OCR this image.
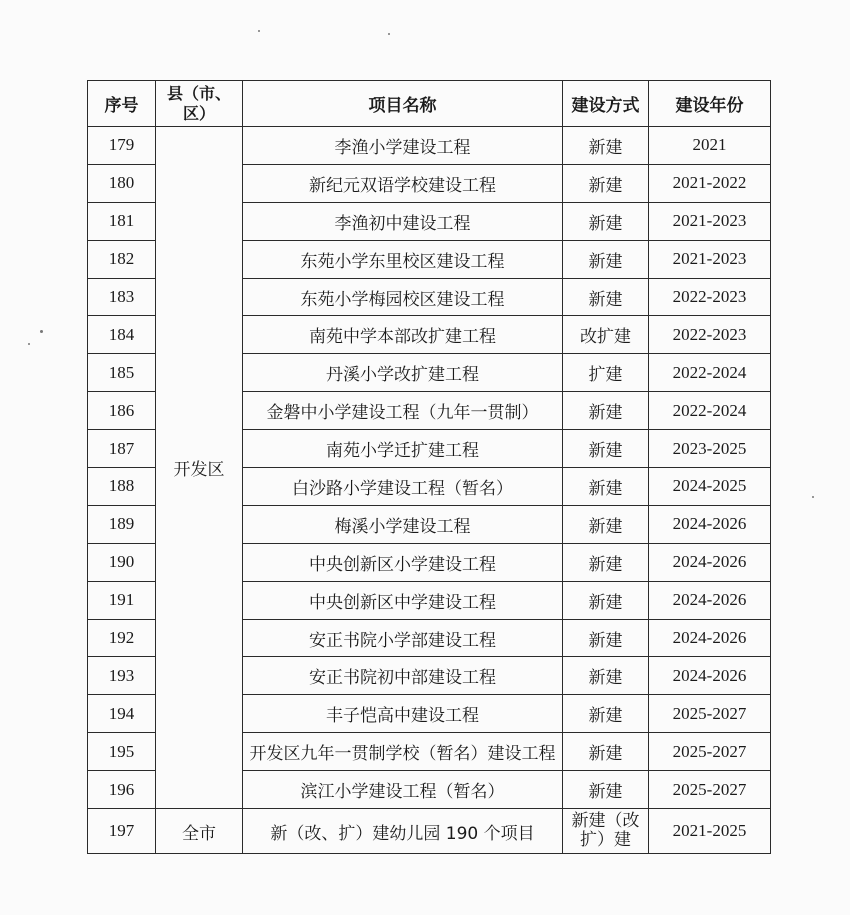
序号	县（市、区）	项目名称	建设方式	建设年份
179	开发区	李渔小学建设工程	新建	2021
180		新纪元双语学校建设工程	新建	2021-2022
181		李渔初中建设工程	新建	2021-2023
182		东苑小学东里校区建设工程	新建	2021-2023
183		东苑小学梅园校区建设工程	新建	2022-2023
184		南苑中学本部改扩建工程	改扩建	2022-2023
185		丹溪小学改扩建工程	扩建	2022-2024
186		金磐中小学建设工程（九年一贯制）	新建	2022-2024
187		南苑小学迁扩建工程	新建	2023-2025
188		白沙路小学建设工程（暂名）	新建	2024-2025
189		梅溪小学建设工程	新建	2024-2026
190		中央创新区小学建设工程	新建	2024-2026
191		中央创新区中学建设工程	新建	2024-2026
192		安正书院小学部建设工程	新建	2024-2026
193		安正书院初中部建设工程	新建	2024-2026
194		丰子恺高中建设工程	新建	2025-2027
195		开发区九年一贯制学校（暂名）建设工程	新建	2025-2027
196		滨江小学建设工程（暂名）	新建	2025-2027
197	全市	新（改、扩）建幼儿园 190 个项目	新建（改扩）建	2021-2025
